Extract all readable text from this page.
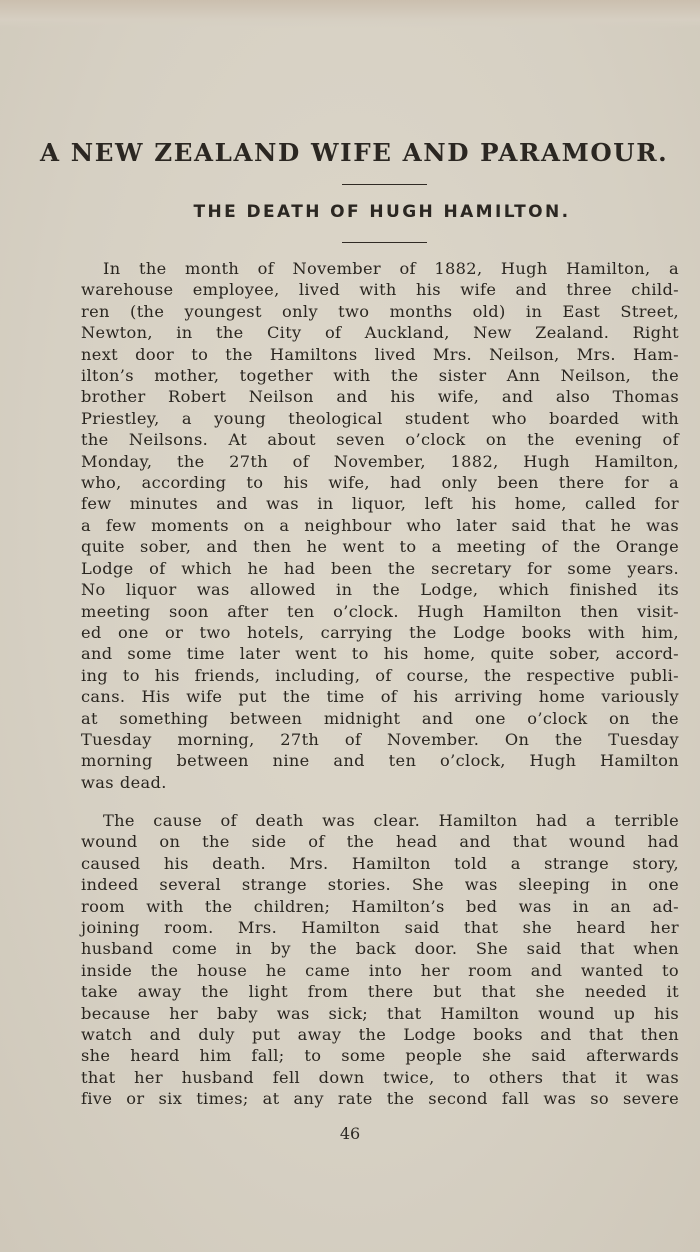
A NEW ZEALAND WIFE AND PARAMOUR.
THE DEATH OF HUGH HAMILTON.
In the month of November of 1882, Hugh Hamilton, a
warehouse employee, lived with his wife and three child-
ren (the youngest only two months old) in East Street,
Newton, in the City of Auckland, New Zealand. Right
next door to the Hamiltons lived Mrs. Neilson, Mrs. Ham-
ilton’s mother, together with the sister Ann Neilson, the
brother Robert Neilson and his wife, and also Thomas
Priestley, a young theological student who boarded with
the Neilsons. At about seven o’clock on the evening of
Monday, the 27th of November, 1882, Hugh Hamilton,
who, according to his wife, had only been there for a
few minutes and was in liquor, left his home, called for
a few moments on a neighbour who later said that he was
quite sober, and then he went to a meeting of the Orange
Lodge of which he had been the secretary for some years.
No liquor was allowed in the Lodge, which finished its
meeting soon after ten o’clock. Hugh Hamilton then visit-
ed one or two hotels, carrying the Lodge books with him,
and some time later went to his home, quite sober, accord-
ing to his friends, including, of course, the respective publi-
cans. His wife put the time of his arriving home variously
at something between midnight and one o’clock on the
Tuesday morning, 27th of November. On the Tuesday
morning between nine and ten o’clock, Hugh Hamilton
was dead.
The cause of death was clear. Hamilton had a terrible
wound on the side of the head and that wound had
caused his death. Mrs. Hamilton told a strange story,
indeed several strange stories. She was sleeping in one
room with the children; Hamilton’s bed was in an ad-
joining room. Mrs. Hamilton said that she heard her
husband come in by the back door. She said that when
inside the house he came into her room and wanted to
take away the light from there but that she needed it
because her baby was sick; that Hamilton wound up his
watch and duly put away the Lodge books and that then
she heard him fall; to some people she said afterwards
that her husband fell down twice, to others that it was
five or six times; at any rate the second fall was so severe
46
